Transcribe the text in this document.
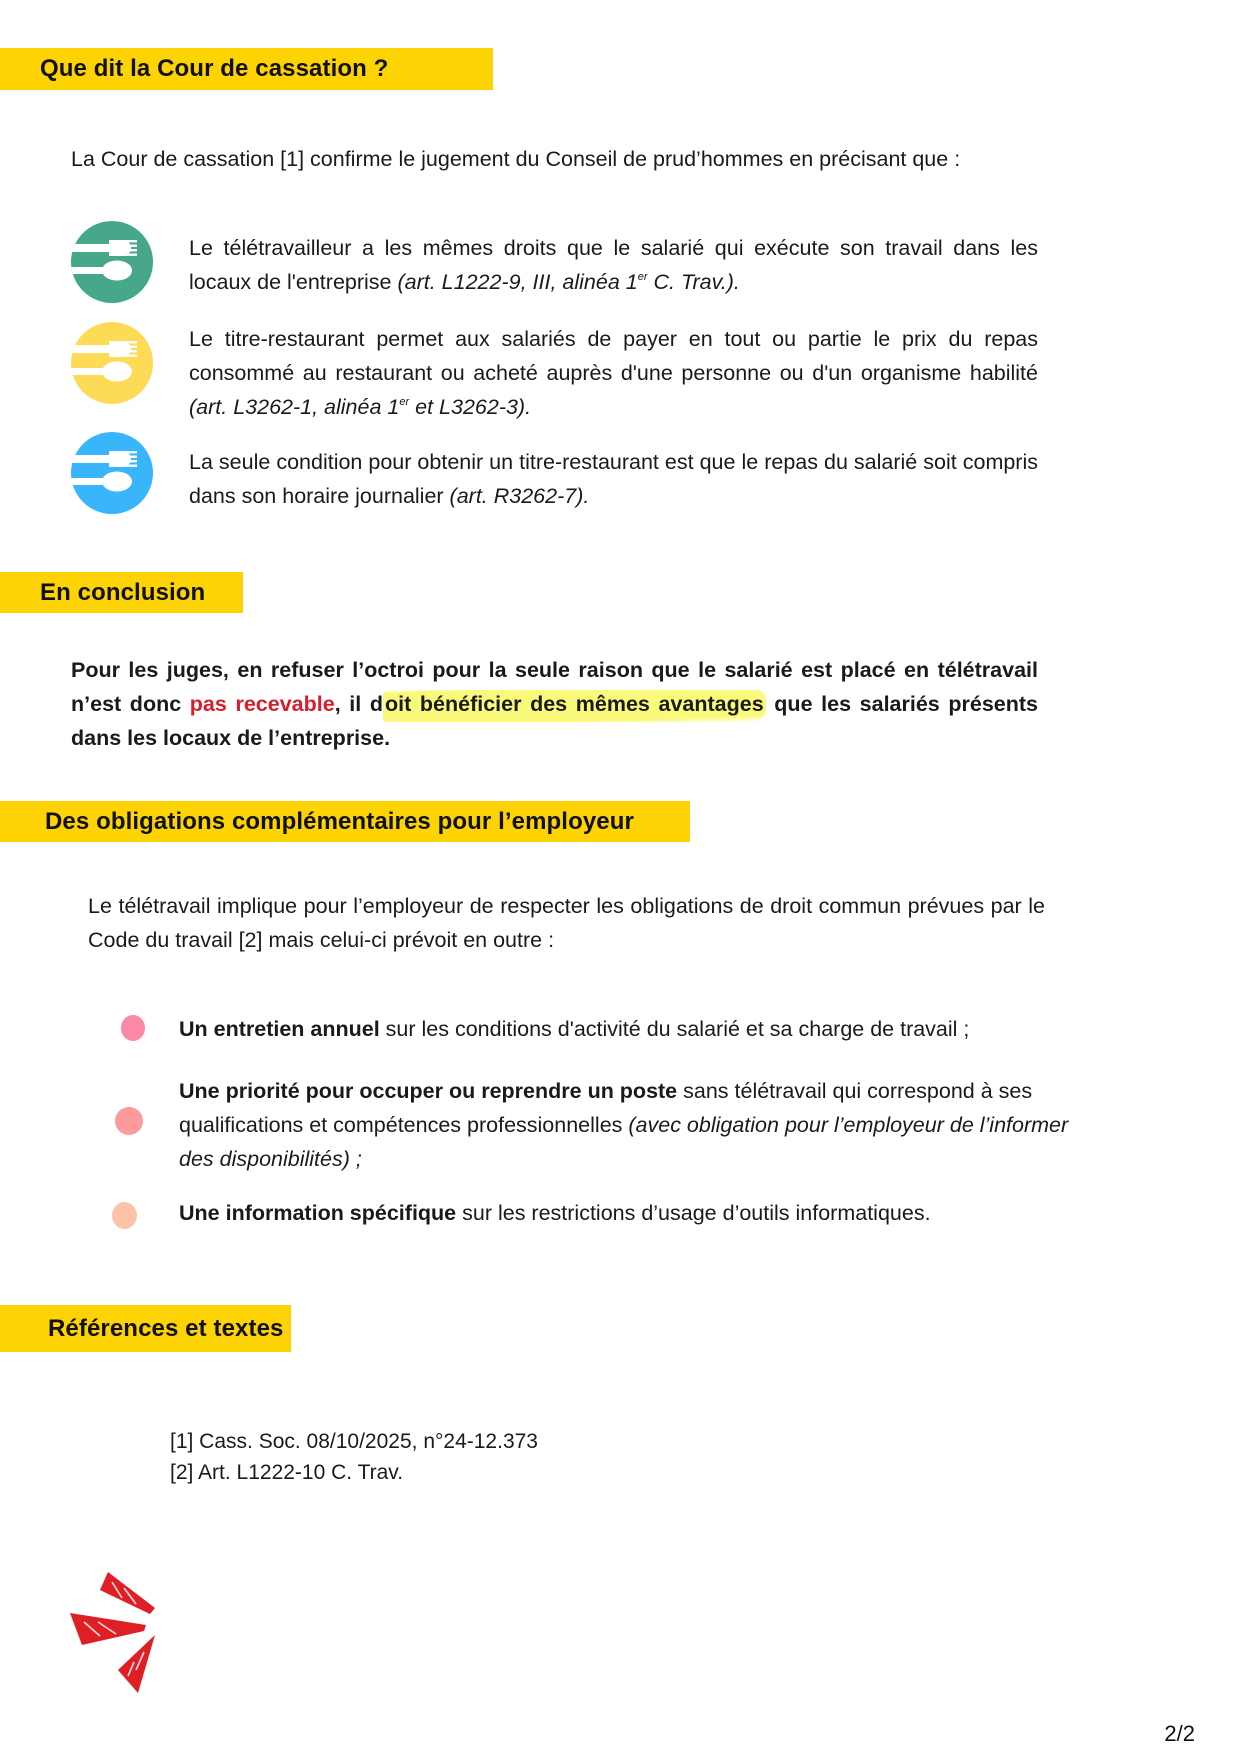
Que dit la Cour de cassation ?
La Cour de cassation [1] confirme le jugement du Conseil de prud’hommes en précisant que :
Le télétravailleur a les mêmes droits que le salarié qui exécute son travail dans les locaux de l'entreprise (art. L1222-9, III, alinéa 1er C. Trav.).
Le titre-restaurant permet aux salariés de payer en tout ou partie le prix du repas consommé au restaurant ou acheté auprès d'une personne ou d'un organisme habilité (art. L3262-1, alinéa 1er et L3262-3).
La seule condition pour obtenir un titre-restaurant est que le repas du salarié soit compris dans son horaire journalier (art. R3262-7).
En conclusion
Pour les juges, en refuser l’octroi pour la seule raison que le salarié est placé en télétravail n’est donc pas recevable, il doit bénéficier des mêmes avantages que les salariés présents dans les locaux de l’entreprise.
Des obligations complémentaires pour l’employeur
Le télétravail implique pour l’employeur de respecter les obligations de droit commun prévues par le Code du travail [2] mais celui-ci prévoit en outre :
Un entretien annuel sur les conditions d'activité du salarié et sa charge de travail ;
Une priorité pour occuper ou reprendre un poste sans télétravail qui correspond à ses qualifications et compétences professionnelles (avec obligation pour l’employeur de l’informer des disponibilités) ;
Une information spécifique sur les restrictions d’usage d’outils informatiques.
Références et textes
[1] Cass. Soc. 08/10/2025, n°24-12.373
[2] Art. L1222-10 C. Trav.
2/2
